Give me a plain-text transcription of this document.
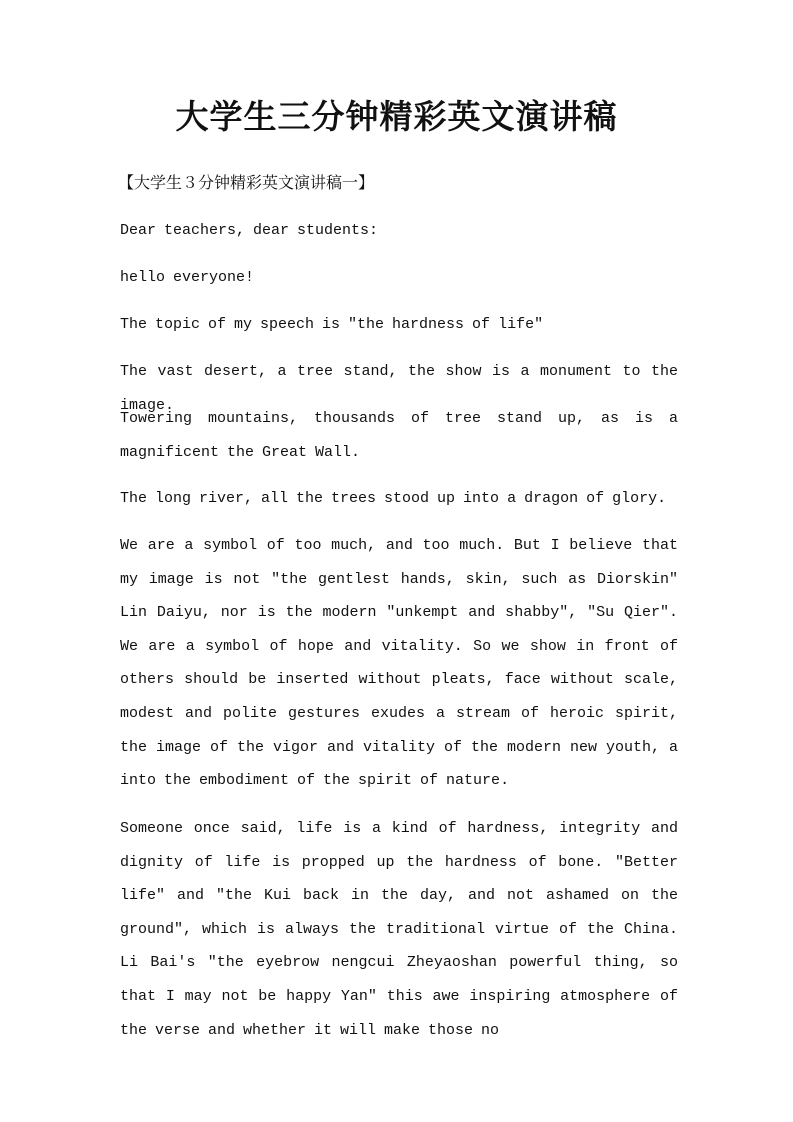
大学生三分钟精彩英文演讲稿

【大学生３分钟精彩英文演讲稿一】

Dear teachers, dear students:

hello everyone!

The topic of my speech is "the hardness of life"

The vast desert, a tree stand, the show is a monument to the image.

Towering mountains, thousands of tree stand up, as is a magnificent the Great Wall.

The long river, all the trees stood up into a dragon of glory.

We are a symbol of too much, and too much. But I believe that my image is not "the gentlest hands, skin, such as Diorskin" Lin Daiyu, nor is the modern "unkempt and shabby", "Su Qier". We are a symbol of hope and vitality. So we show in front of others should be inserted without pleats, face without scale, modest and polite gestures exudes a stream of heroic spirit, the image of the vigor and vitality of the modern new youth, a into the embodiment of the spirit of nature.

Someone once said, life is a kind of hardness, integrity and dignity of life is propped up the hardness of bone. "Better life" and "the Kui back in the day, and not ashamed on the ground", which is always the traditional virtue of the China. Li Bai's "the eyebrow nengcui Zheyaoshan powerful thing, so that I may not be happy Yan" this awe inspiring atmosphere of the verse and whether it will make those no
